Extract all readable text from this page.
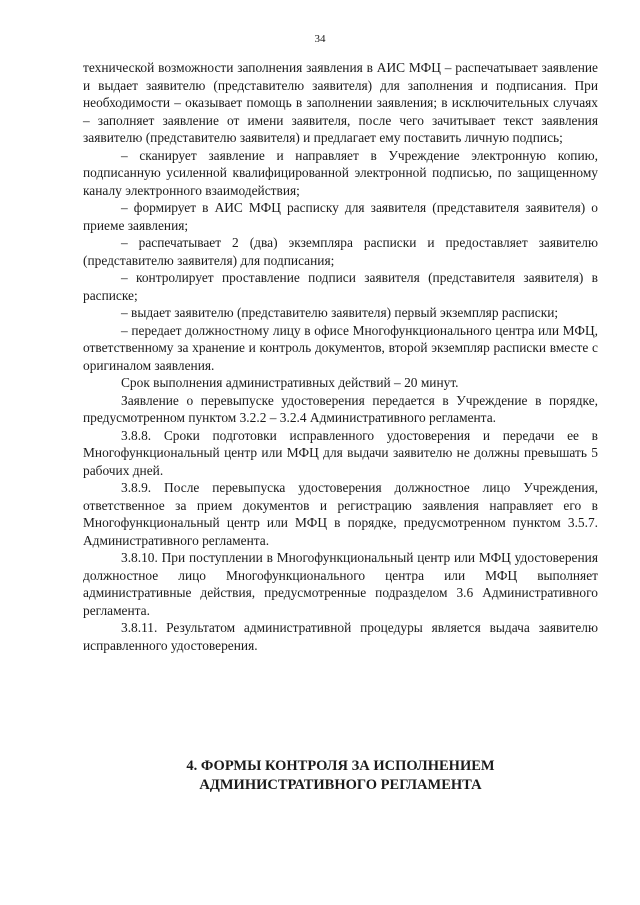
34

технической возможности заполнения заявления в АИС МФЦ – распечатывает заявление и выдает заявителю (представителю заявителя) для заполнения и подписания. При необходимости – оказывает помощь в заполнении заявления; в исключительных случаях – заполняет заявление от имени заявителя, после чего зачитывает текст заявления заявителю (представителю заявителя) и предлагает ему поставить личную подпись;

– сканирует заявление и направляет в Учреждение электронную копию, подписанную усиленной квалифицированной электронной подписью, по защищенному каналу электронного взаимодействия;

– формирует в АИС МФЦ расписку для заявителя (представителя заявителя) о приеме заявления;

– распечатывает 2 (два) экземпляра расписки и предоставляет заявителю (представителю заявителя) для подписания;

– контролирует проставление подписи заявителя (представителя заявителя) в расписке;

– выдает заявителю (представителю заявителя) первый экземпляр расписки;

– передает должностному лицу в офисе Многофункционального центра или МФЦ, ответственному за хранение и контроль документов, второй экземпляр расписки вместе с оригиналом заявления.

Срок выполнения административных действий – 20 минут.

Заявление о перевыпуске удостоверения передается в Учреждение в порядке, предусмотренном пунктом 3.2.2 – 3.2.4 Административного регламента.

3.8.8. Сроки подготовки исправленного удостоверения и передачи ее в Многофункциональный центр или МФЦ для выдачи заявителю не должны превышать 5 рабочих дней.

3.8.9. После перевыпуска удостоверения должностное лицо Учреждения, ответственное за прием документов и регистрацию заявления направляет его в Многофункциональный центр или МФЦ в порядке, предусмотренном пунктом 3.5.7. Административного регламента.

3.8.10. При поступлении в Многофункциональный центр или МФЦ удостоверения должностное лицо Многофункционального центра или МФЦ выполняет административные действия, предусмотренные подразделом 3.6 Административного регламента.

3.8.11. Результатом административной процедуры является выдача заявителю исправленного удостоверения.

4. ФОРМЫ КОНТРОЛЯ ЗА ИСПОЛНЕНИЕМ
АДМИНИСТРАТИВНОГО РЕГЛАМЕНТА
